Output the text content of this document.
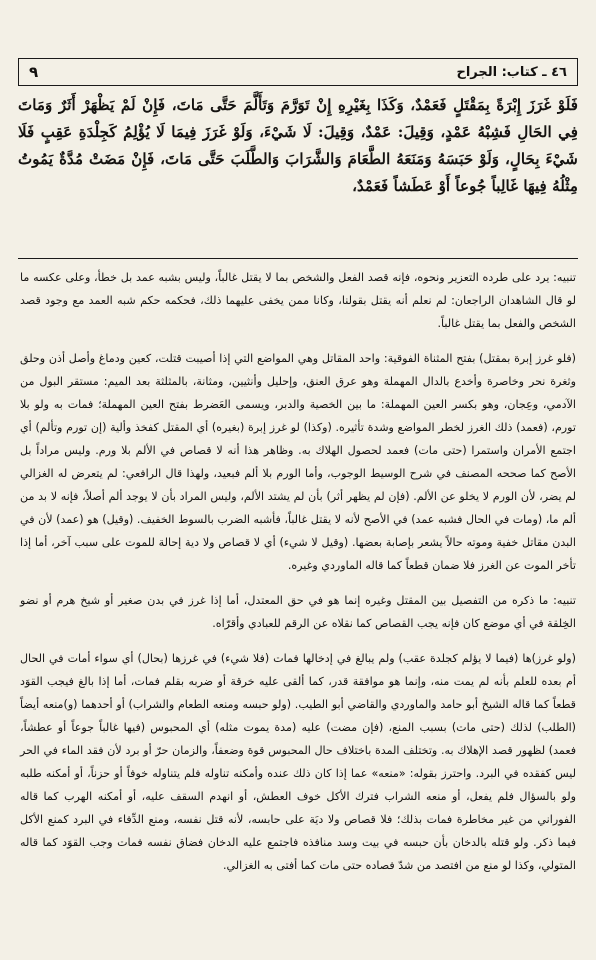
٤٦ ـ كتاب: الجراح
٩
فَلَوْ غَرَزَ إِبْرَةً بِمَقْتَلٍ فَعَمْدٌ، وَكَذَا بِغَيْرِهِ إِنْ تَوَرَّمَ وَتَأَلَّمَ حَتَّى مَاتَ، فَإِنْ لَمْ يَظْهَرْ أَثَرٌ وَمَاتَ فِي الحَالِ فَشِبْهُ عَمْدٍ، وَقِيلَ: عَمْدٌ، وَقِيلَ: لَا شَيْءَ، وَلَوْ غَرَزَ فِيمَا لَا يُؤْلِمُ كَجِلْدَةِ عَقِبٍ فَلَا شَيْءَ بِحَالٍ، وَلَوْ حَبَسَهُ وَمَنَعَهُ الطَّعَامَ وَالشَّرَابَ وَالطَّلَبَ حَتَّى مَاتَ، فَإِنْ مَضَتْ مُدَّةٌ يَمُوتُ مِثْلُهُ فِيهَا غَالِباً جُوعاً أَوْ عَطَشاً فَعَمْدٌ،

تنبيه: يرد على طرده التعزير ونحوه، فإنه قصد الفعل والشخص بما لا يقتل غالباً، وليس بشبه عمد بل خطأ، وعلى عكسه ما لو قال الشاهدان الراجعان: لم نعلم أنه يقتل بقولنا، وكانا ممن يخفى عليهما ذلك، فحكمه حكم شبه العمد مع وجود قصد الشخص والفعل بما يقتل غالباً.

(فلو غرز إبرة بمقتل) بفتح المثناة الفوقية: واحد المقاتل وهي المواضع التي إذا أصيبت قتلت، كعين ودماغ وأصل أذن وحلق وثغرة نحر وخاصرة وأخدع بالدال المهملة وهو عرق العنق، وإحليل وأنثيين، ومثانة، بالمثلثة بعد الميم: مستقر البول من الآدمي، وعِجان، وهو بكسر العين المهملة: ما بين الخصية والدبر، ويسمى العَضرط بفتح العين المهملة؛ فمات به ولو بلا تورم، (فعمد) ذلك الغرز لخطر المواضع وشدة تأثيره. (وكذا) لو غرز إبرة (بغيره) أي المقتل كفخذ وألية (إن تورم وتألم) أي اجتمع الأمران واستمرا (حتى مات) فعمد لحصول الهلاك به. وظاهر هذا أنه لا قصاص في الألم بلا ورم. وليس مراداً بل الأصح كما صححه المصنف في شرح الوسيط الوجوب، وأما الورم بلا ألم فبعيد، ولهذا قال الرافعي: لم يتعرض له الغزالي لم يضر، لأن الورم لا يخلو عن الألم. (فإن لم يظهر أثر) بأن لم يشتد الألم، وليس المراد بأن لا يوجد ألم أصلاً، فإنه لا بد من ألم ما، (ومات في الحال فشبه عمد) في الأصح لأنه لا يقتل غالباً، فأشبه الضرب بالسوط الخفيف. (وقيل) هو (عمد) لأن في البدن مقاتل خفية وموته حالاً يشعر بإصابة بعضها. (وقيل لا شيء) أي لا قصاص ولا دية إحالة للموت على سبب آخر، أما إذا تأخر الموت عن الغرز فلا ضمان قطعاً كما قاله الماوردي وغيره.

تنبيه: ما ذكره من التفصيل بين المقتل وغيره إنما هو في حق المعتدل، أما إذا غرز في بدن صغير أو شيخ هرم أو نضو الخِلقة في أي موضع كان فإنه يجب القصاص كما نقلاه عن الرقم للعبادي وأقرّاه.

(ولو غرز)ها (فيما لا يؤلم كجلدة عقب) ولم يبالغ في إدخالها فمات (فلا شيء) في غرزها (بحال) أي سواء أمات في الحال أم بعده للعلم بأنه لم يمت منه، وإنما هو موافقة قدر، كما ألقى عليه خرقة أو ضربه بقلم فمات، أما إذا بالغ فيجب القوَد قطعاً كما قاله الشيخ أبو حامد والماوردي والقاضي أبو الطيب. (ولو حبسه ومنعه الطعام والشراب) أو أحدهما (و)منعه أيضاً (الطلب) لذلك (حتى مات) بسبب المنع، (فإن مضت) عليه (مدة يموت مثله) أي المحبوس (فيها غالباً جوعاً أو عطشاً، فعمد) لظهور قصد الإهلاك به. وتختلف المدة باختلاف حال المحبوس قوة وضعفاً، والزمان حرّ أو برد لأن فقد الماء في الحر ليس كفقده في البرد. واحترز بقوله: «منعه» عما إذا كان ذلك عنده وأمكنه تناوله فلم يتناوله خوفاً أو حزناً، أو أمكنه طلبه ولو بالسؤال فلم يفعل، أو منعه الشراب فترك الأكل خوف العطش، أو انهدم السقف عليه، أو أمكنه الهرب كما قاله الفوراني من غير مخاطرة فمات بذلك؛ فلا قصاص ولا ديَة على حابسه، لأنه قتل نفسه، ومنع الدِّفاء في البرد كمنع الأكل فيما ذكر. ولو قتله بالدخان بأن حبسه في بيت وسد منافذه فاجتمع عليه الدخان فضاق نفسه فمات وجب القوَد كما قاله المتولي، وكذا لو منع من افتصد من شدّ فصاده حتى مات كما أفتى به الغزالي.
